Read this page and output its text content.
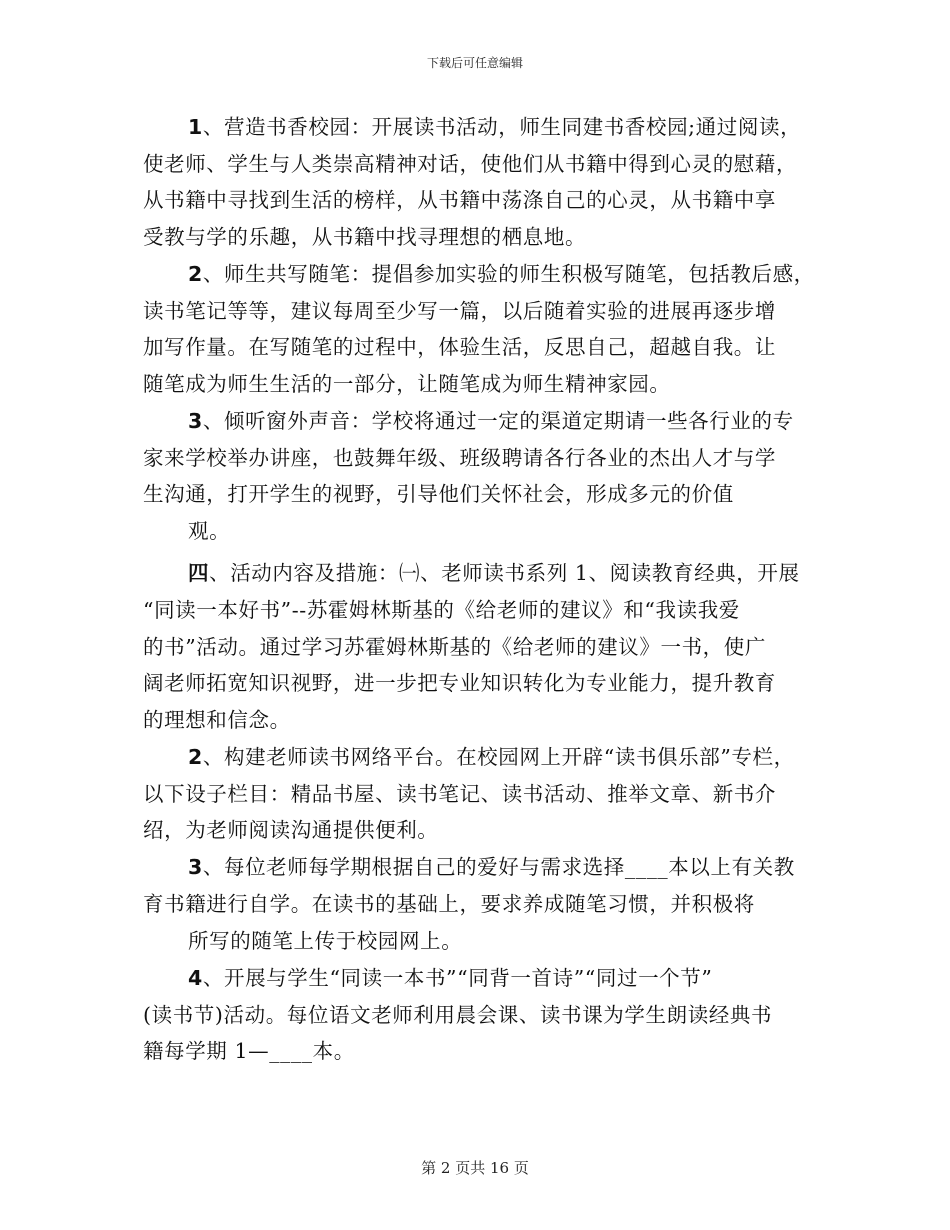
下载后可任意编辑
1、营造书香校园：开展读书活动，师生同建书香校园;通过阅读，
使老师、学生与人类崇高精神对话，使他们从书籍中得到心灵的慰藉，
从书籍中寻找到生活的榜样，从书籍中荡涤自己的心灵，从书籍中享
受教与学的乐趣，从书籍中找寻理想的栖息地。
2、师生共写随笔：提倡参加实验的师生积极写随笔，包括教后感，
读书笔记等等，建议每周至少写一篇，以后随着实验的进展再逐步增
加写作量。在写随笔的过程中，体验生活，反思自己，超越自我。让
随笔成为师生生活的一部分，让随笔成为师生精神家园。
3、倾听窗外声音：学校将通过一定的渠道定期请一些各行业的专
家来学校举办讲座，也鼓舞年级、班级聘请各行各业的杰出人才与学
生沟通，打开学生的视野，引导他们关怀社会，形成多元的价值
观。
四、活动内容及措施：㈠、老师读书系列 1、阅读教育经典，开展
“同读一本好书”--苏霍姆林斯基的《给老师的建议》和“我读我爱
的书”活动。通过学习苏霍姆林斯基的《给老师的建议》一书，使广
阔老师拓宽知识视野，进一步把专业知识转化为专业能力，提升教育
的理想和信念。
2、构建老师读书网络平台。在校园网上开辟“读书俱乐部”专栏，
以下设子栏目：精品书屋、读书笔记、读书活动、推举文章、新书介
绍，为老师阅读沟通提供便利。
3、每位老师每学期根据自己的爱好与需求选择____本以上有关教
育书籍进行自学。在读书的基础上，要求养成随笔习惯，并积极将
所写的随笔上传于校园网上。
4、开展与学生“同读一本书”“同背一首诗”“同过一个节”
(读书节)活动。每位语文老师利用晨会课、读书课为学生朗读经典书
籍每学期 1—____本。
第 2 页共 16 页
